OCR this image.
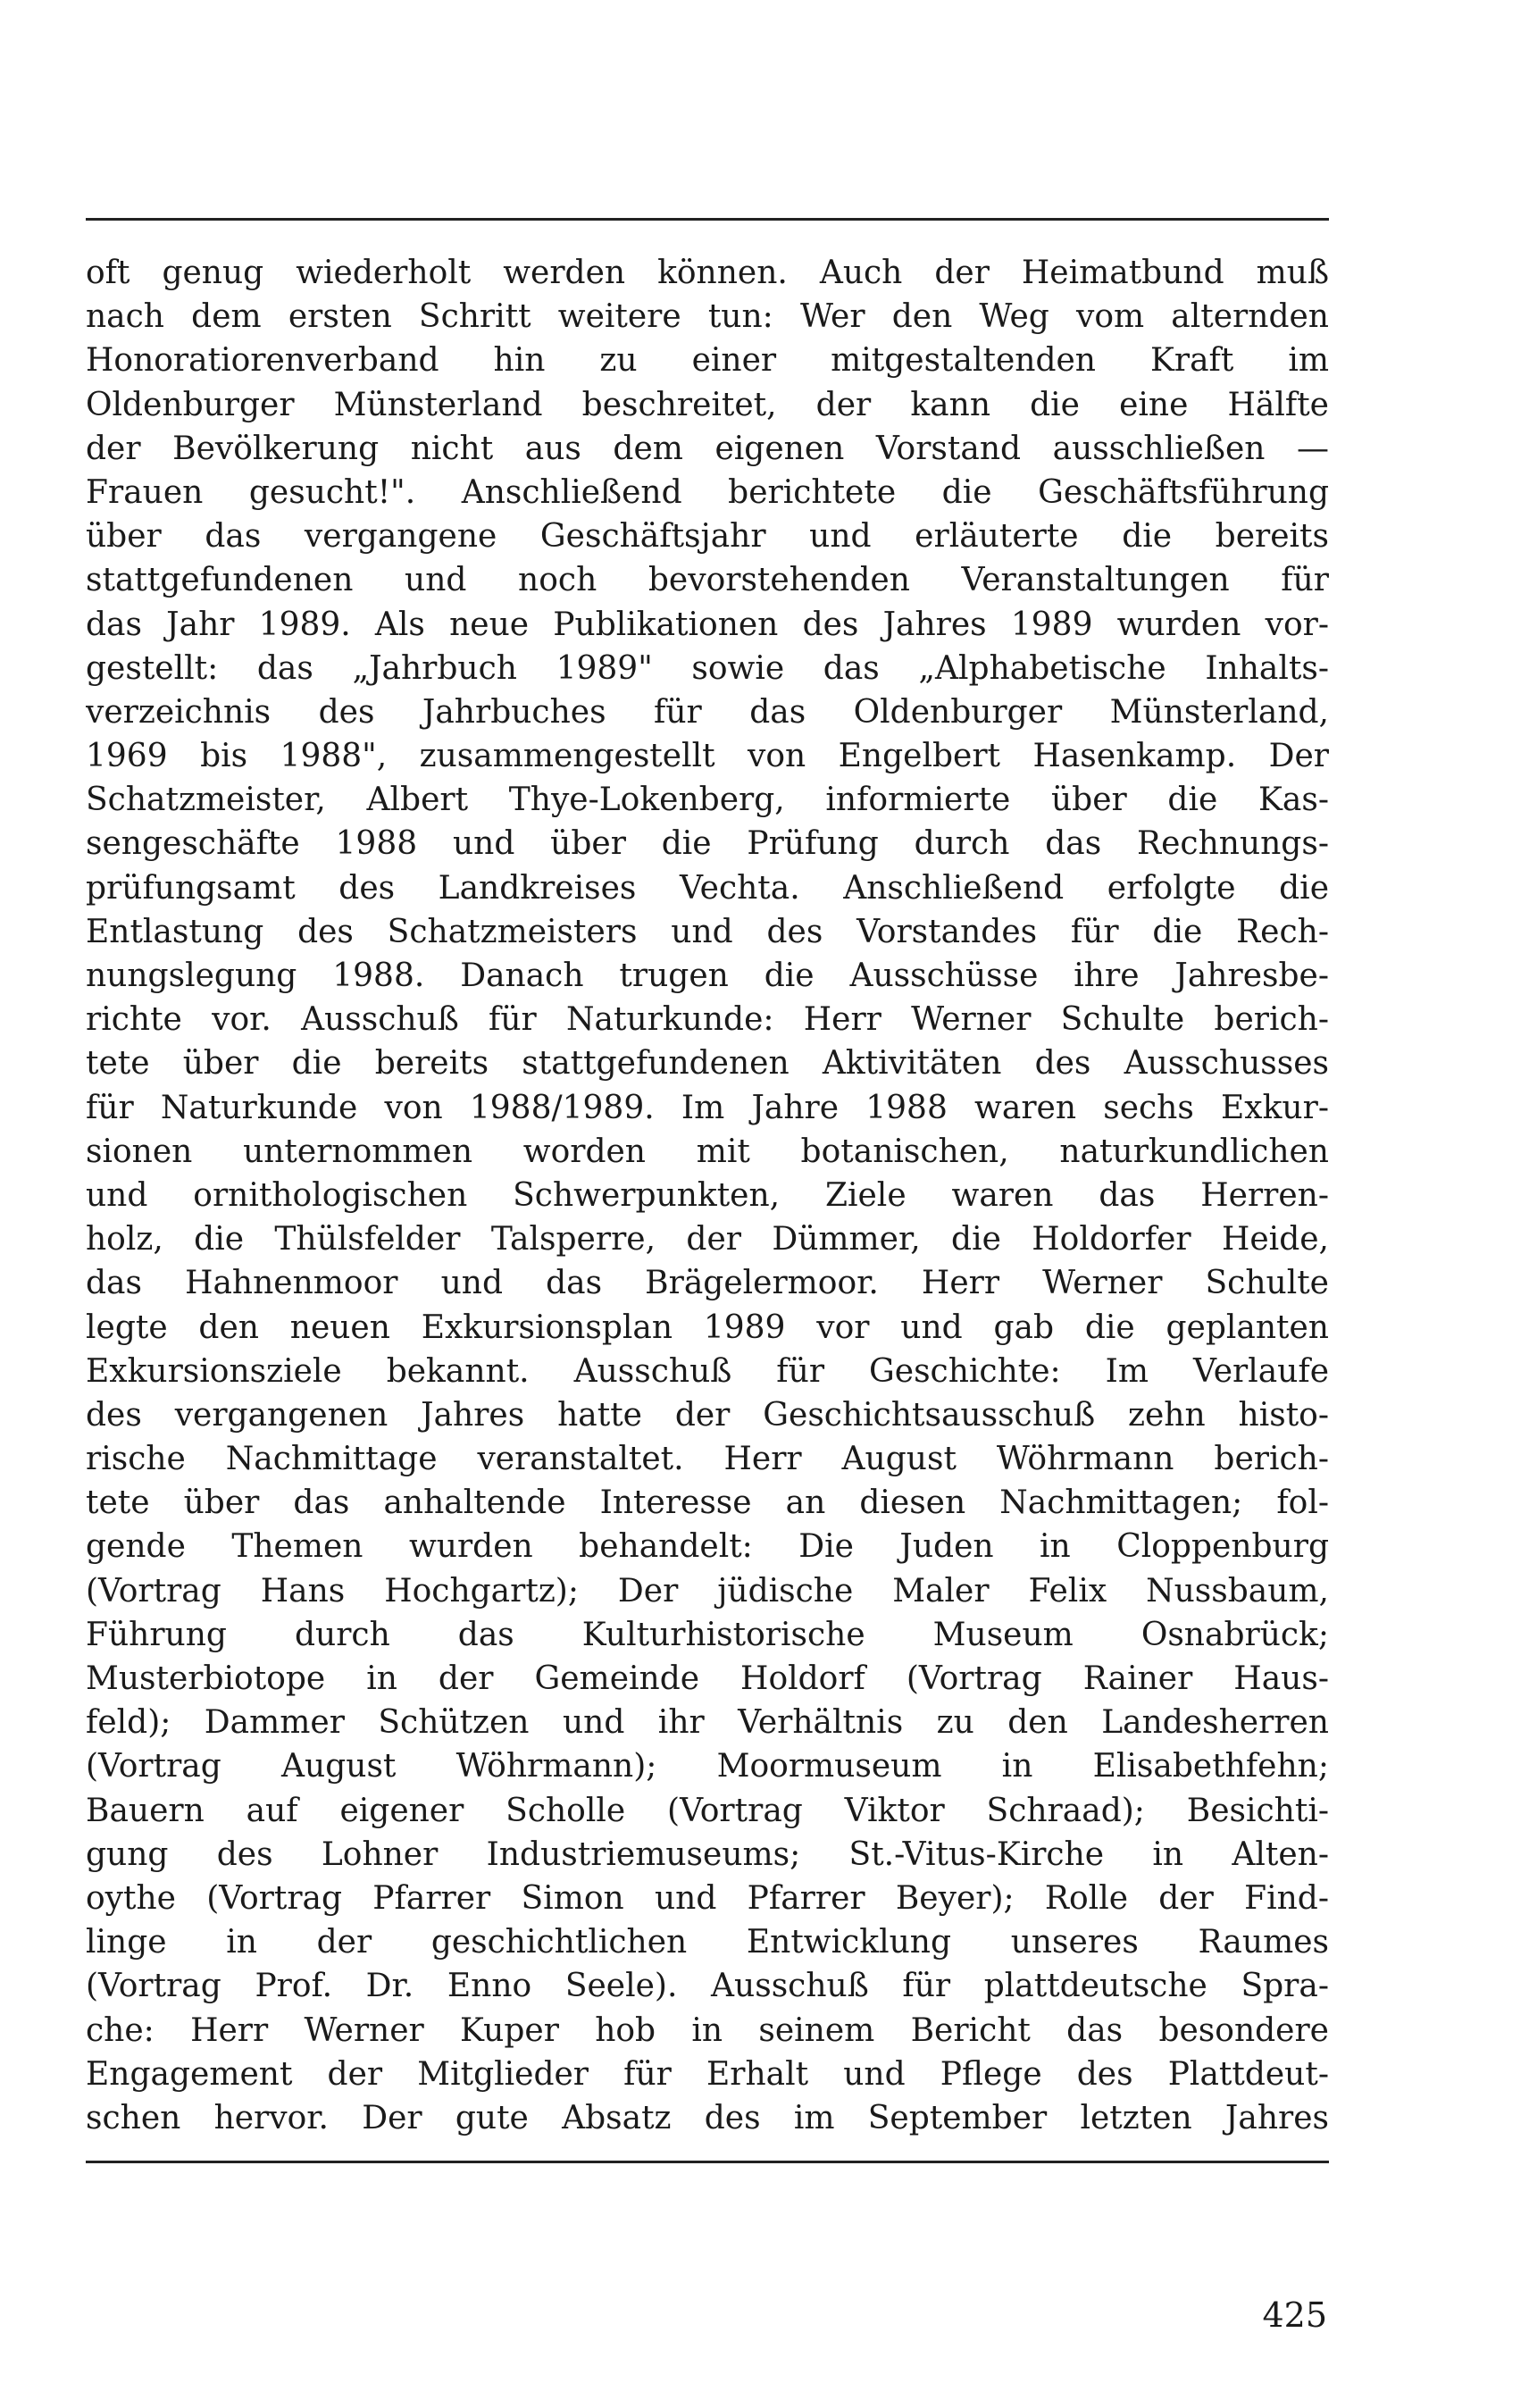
oft genug wiederholt werden können. Auch der Heimatbund muß
nach dem ersten Schritt weitere tun: Wer den Weg vom alternden
Honoratiorenverband hin zu einer mitgestaltenden Kraft im
Oldenburger Münsterland beschreitet, der kann die eine Hälfte
der Bevölkerung nicht aus dem eigenen Vorstand ausschließen —
Frauen gesucht!". Anschließend berichtete die Geschäftsführung
über das vergangene Geschäftsjahr und erläuterte die bereits
stattgefundenen und noch bevorstehenden Veranstaltungen für
das Jahr 1989. Als neue Publikationen des Jahres 1989 wurden vor-
gestellt: das „Jahrbuch 1989" sowie das „Alphabetische Inhalts-
verzeichnis des Jahrbuches für das Oldenburger Münsterland,
1969 bis 1988", zusammengestellt von Engelbert Hasenkamp. Der
Schatzmeister, Albert Thye-Lokenberg, informierte über die Kas-
sengeschäfte 1988 und über die Prüfung durch das Rechnungs-
prüfungsamt des Landkreises Vechta. Anschließend erfolgte die
Entlastung des Schatzmeisters und des Vorstandes für die Rech-
nungslegung 1988. Danach trugen die Ausschüsse ihre Jahresbe-
richte vor. Ausschuß für Naturkunde: Herr Werner Schulte berich-
tete über die bereits stattgefundenen Aktivitäten des Ausschusses
für Naturkunde von 1988/1989. Im Jahre 1988 waren sechs Exkur-
sionen unternommen worden mit botanischen, naturkundlichen
und ornithologischen Schwerpunkten, Ziele waren das Herren-
holz, die Thülsfelder Talsperre, der Dümmer, die Holdorfer Heide,
das Hahnenmoor und das Brägelermoor. Herr Werner Schulte
legte den neuen Exkursionsplan 1989 vor und gab die geplanten
Exkursionsziele bekannt. Ausschuß für Geschichte: Im Verlaufe
des vergangenen Jahres hatte der Geschichtsausschuß zehn histo-
rische Nachmittage veranstaltet. Herr August Wöhrmann berich-
tete über das anhaltende Interesse an diesen Nachmittagen; fol-
gende Themen wurden behandelt: Die Juden in Cloppenburg
(Vortrag Hans Hochgartz); Der jüdische Maler Felix Nussbaum,
Führung durch das Kulturhistorische Museum Osnabrück;
Musterbiotope in der Gemeinde Holdorf (Vortrag Rainer Haus-
feld); Dammer Schützen und ihr Verhältnis zu den Landesherren
(Vortrag August Wöhrmann); Moormuseum in Elisabethfehn;
Bauern auf eigener Scholle (Vortrag Viktor Schraad); Besichti-
gung des Lohner Industriemuseums; St.-Vitus-Kirche in Alten-
oythe (Vortrag Pfarrer Simon und Pfarrer Beyer); Rolle der Find-
linge in der geschichtlichen Entwicklung unseres Raumes
(Vortrag Prof. Dr. Enno Seele). Ausschuß für plattdeutsche Spra-
che: Herr Werner Kuper hob in seinem Bericht das besondere
Engagement der Mitglieder für Erhalt und Pflege des Plattdeut-
schen hervor. Der gute Absatz des im September letzten Jahres
425
